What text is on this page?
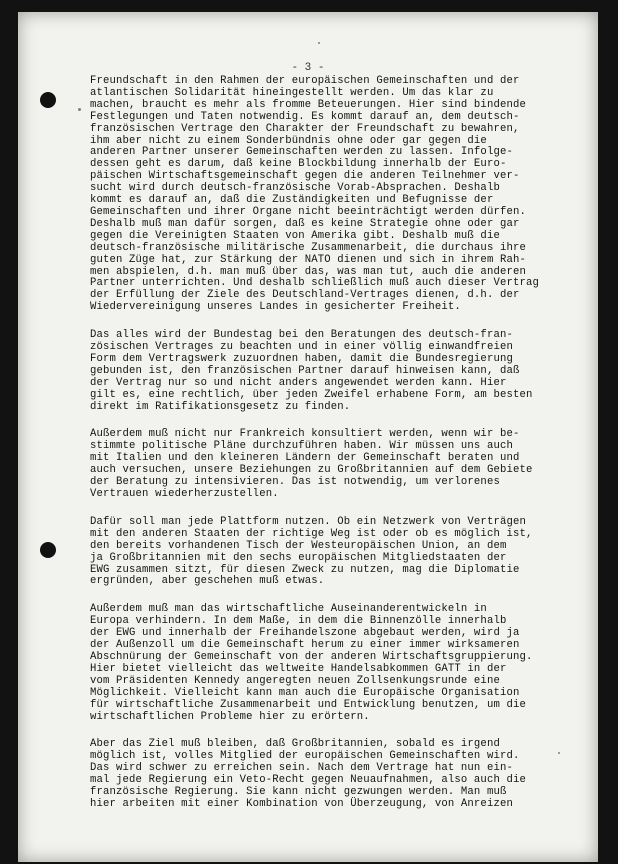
- 3 -
Freundschaft in den Rahmen der europäischen Gemeinschaften und der
atlantischen Solidarität hineingestellt werden. Um das klar zu
machen, braucht es mehr als fromme Beteuerungen. Hier sind bindende
Festlegungen und Taten notwendig. Es kommt darauf an, dem deutsch-
französischen Vertrage den Charakter der Freundschaft zu bewahren,
ihm aber nicht zu einem Sonderbündnis ohne oder gar gegen die
anderen Partner unserer Gemeinschaften werden zu lassen. Infolge-
dessen geht es darum, daß keine Blockbildung innerhalb der Euro-
päischen Wirtschaftsgemeinschaft gegen die anderen Teilnehmer ver-
sucht wird durch deutsch-französische Vorab-Absprachen. Deshalb
kommt es darauf an, daß die Zuständigkeiten und Befugnisse der
Gemeinschaften und ihrer Organe nicht beeinträchtigt werden dürfen.
Deshalb muß man dafür sorgen, daß es keine Strategie ohne oder gar
gegen die Vereinigten Staaten von Amerika gibt. Deshalb muß die
deutsch-französische militärische Zusammenarbeit, die durchaus ihre
guten Züge hat, zur Stärkung der NATO dienen und sich in ihrem Rah-
men abspielen, d.h. man muß über das, was man tut, auch die anderen
Partner unterrichten. Und deshalb schließlich muß auch dieser Vertrag
der Erfüllung der Ziele des Deutschland-Vertrages dienen, d.h. der
Wiedervereinigung unseres Landes in gesicherter Freiheit.
Das alles wird der Bundestag bei den Beratungen des deutsch-fran-
zösischen Vertrages zu beachten und in einer völlig einwandfreien
Form dem Vertragswerk zuzuordnen haben, damit die Bundesregierung
gebunden ist, den französischen Partner darauf hinweisen kann, daß
der Vertrag nur so und nicht anders angewendet werden kann. Hier
gilt es, eine rechtlich, über jeden Zweifel erhabene Form, am besten
direkt im Ratifikationsgesetz zu finden.
Außerdem muß nicht nur Frankreich konsultiert werden, wenn wir be-
stimmte politische Pläne durchzuführen haben. Wir müssen uns auch
mit Italien und den kleineren Ländern der Gemeinschaft beraten und
auch versuchen, unsere Beziehungen zu Großbritannien auf dem Gebiete
der Beratung zu intensivieren. Das ist notwendig, um verlorenes
Vertrauen wiederherzustellen.
Dafür soll man jede Plattform nutzen. Ob ein Netzwerk von Verträgen
mit den anderen Staaten der richtige Weg ist oder ob es möglich ist,
den bereits vorhandenen Tisch der Westeuropäischen Union, an dem
ja Großbritannien mit den sechs europäischen Mitgliedstaaten der
EWG zusammen sitzt, für diesen Zweck zu nutzen, mag die Diplomatie
ergründen, aber geschehen muß etwas.
Außerdem muß man das wirtschaftliche Auseinanderentwickeln in
Europa verhindern. In dem Maße, in dem die Binnenzölle innerhalb
der EWG und innerhalb der Freihandelszone abgebaut werden, wird ja
der Außenzoll um die Gemeinschaft herum zu einer immer wirksameren
Abschnürung der Gemeinschaft von der anderen Wirtschaftsgruppierung.
Hier bietet vielleicht das weltweite Handelsabkommen GATT in der
vom Präsidenten Kennedy angeregten neuen Zollsenkungsrunde eine
Möglichkeit. Vielleicht kann man auch die Europäische Organisation
für wirtschaftliche Zusammenarbeit und Entwicklung benutzen, um die
wirtschaftlichen Probleme hier zu erörtern.
Aber das Ziel muß bleiben, daß Großbritannien, sobald es irgend
möglich ist, volles Mitglied der europäischen Gemeinschaften wird.
Das wird schwer zu erreichen sein. Nach dem Vertrage hat nun ein-
mal jede Regierung ein Veto-Recht gegen Neuaufnahmen, also auch die
französische Regierung. Sie kann nicht gezwungen werden. Man muß
hier arbeiten mit einer Kombination von Überzeugung, von Anreizen
